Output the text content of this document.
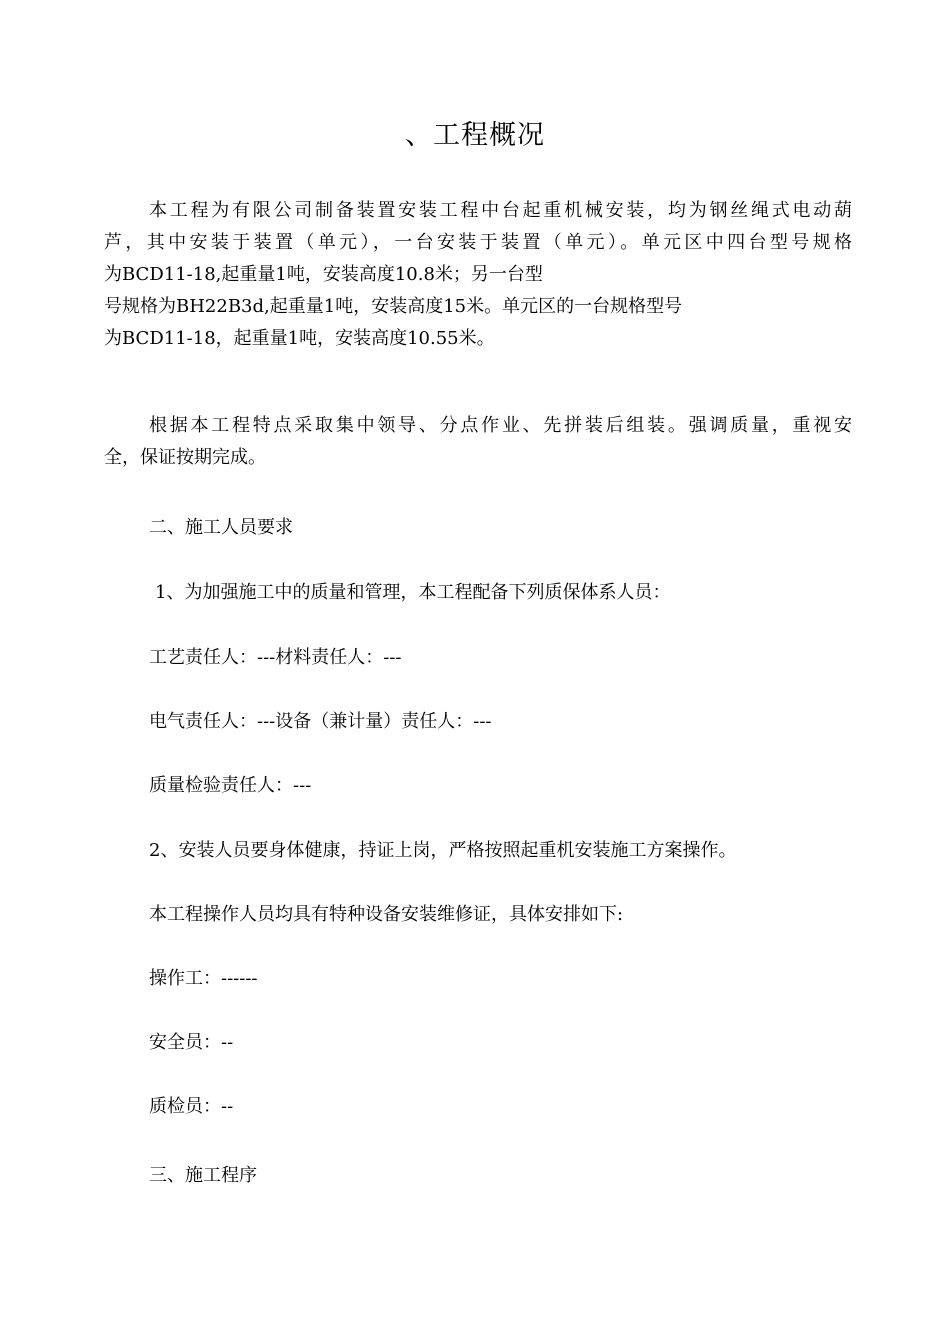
、工程概况
本工程为有限公司制备装置安装工程中台起重机械安装，均为钢丝绳式电动葫
芦，其中安装于装置（单元），一台安装于装置（单元）。单元区中四台型号规格
为BCD11-18,起重量1吨，安装高度10.8米；另一台型
号规格为BH22B3d,起重量1吨，安装高度15米。单元区的一台规格型号
为BCD11-18，起重量1吨，安装高度10.55米。
根据本工程特点采取集中领导、分点作业、先拼装后组装。强调质量，重视安
全，保证按期完成。
二、施工人员要求
1、为加强施工中的质量和管理，本工程配备下列质保体系人员：
工艺责任人：---材料责任人：---
电气责任人：---设备（兼计量）责任人：---
质量检验责任人：---
2、安装人员要身体健康，持证上岗，严格按照起重机安装施工方案操作。
本工程操作人员均具有特种设备安装维修证，具体安排如下:
操作工：------
安全员：--
质检员：--
三、施工程序
